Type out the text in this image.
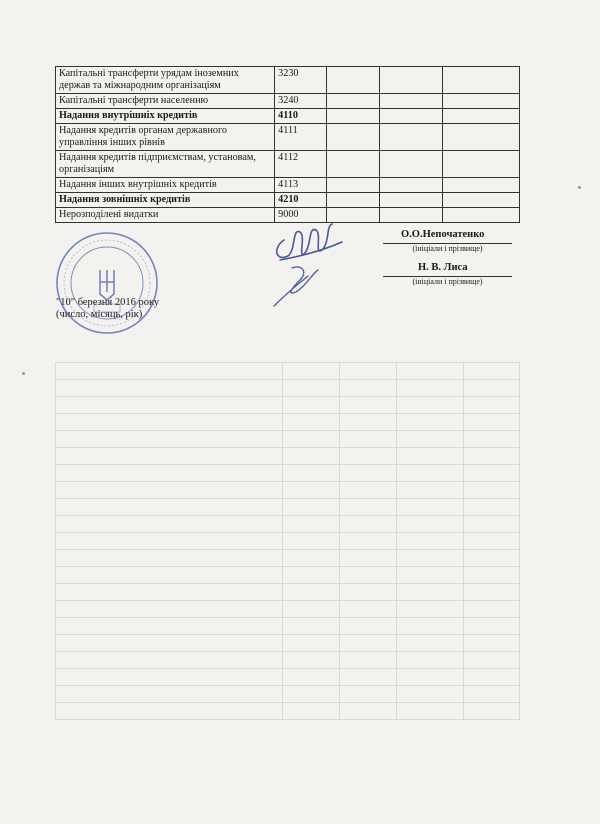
Капітальні трансферти урядам іноземних держав та міжнародним організаціям	3230			
Капітальні трансферти населенню	3240			
Надання внутрішніх кредитів	4110			
Надання кредитів органам державного управління інших рівнів	4111			
Надання кредитів підприємствам, установам, організаціям	4112			
Надання інших внутрішніх кредитів	4113			
Надання зовнішніх кредитів	4210			
Нерозподілені видатки	9000			
О.О.Непочатенко
(ініціали і прізвище)
Н. В. Лиса
(ініціали і прізвище)
"10" березня 2016 року
(число, місяць, рік)
